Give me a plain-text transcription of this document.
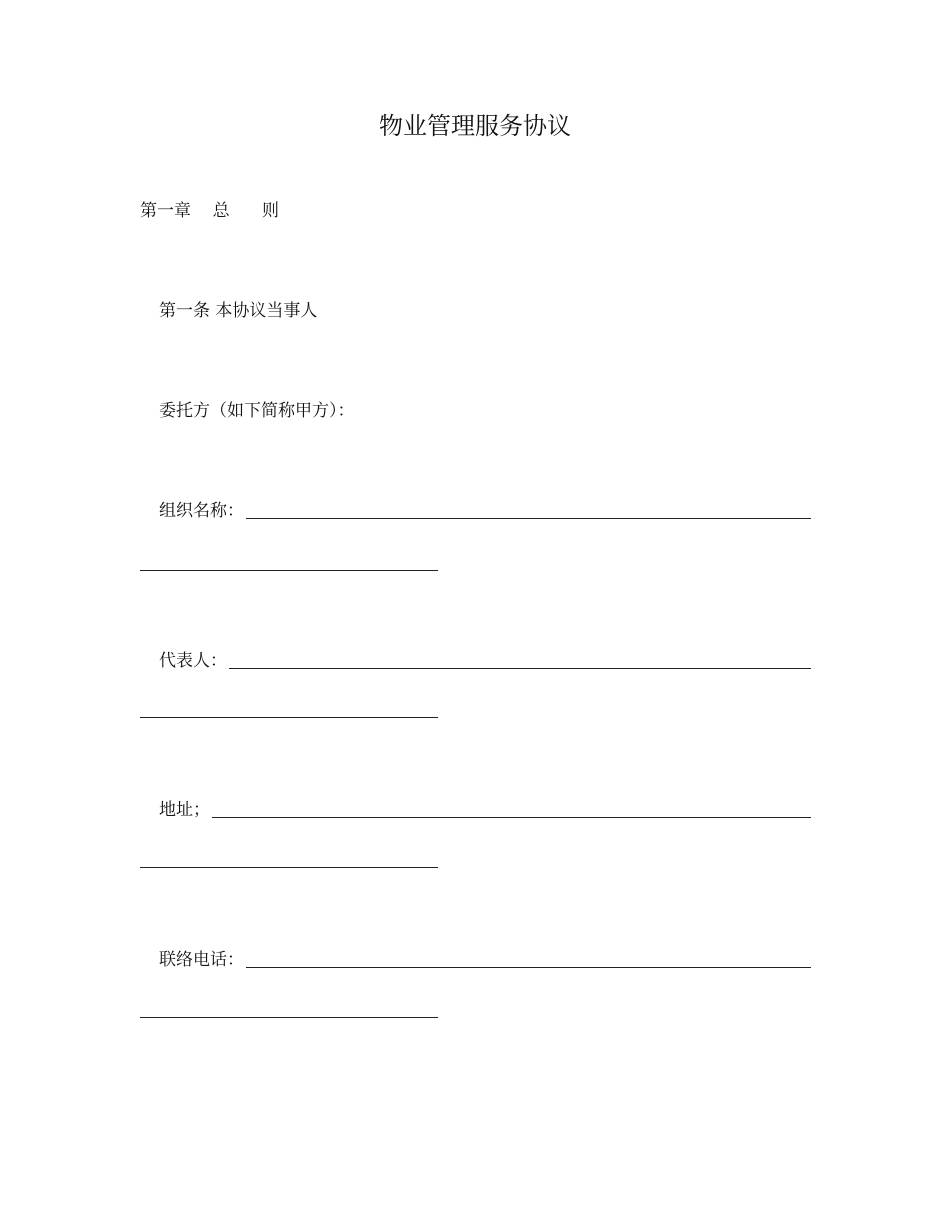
物业管理服务协议
第一章    总      则
第一条 本协议当事人
委托方（如下简称甲方）：
组织名称：
代表人：
地址；
联络电话：
